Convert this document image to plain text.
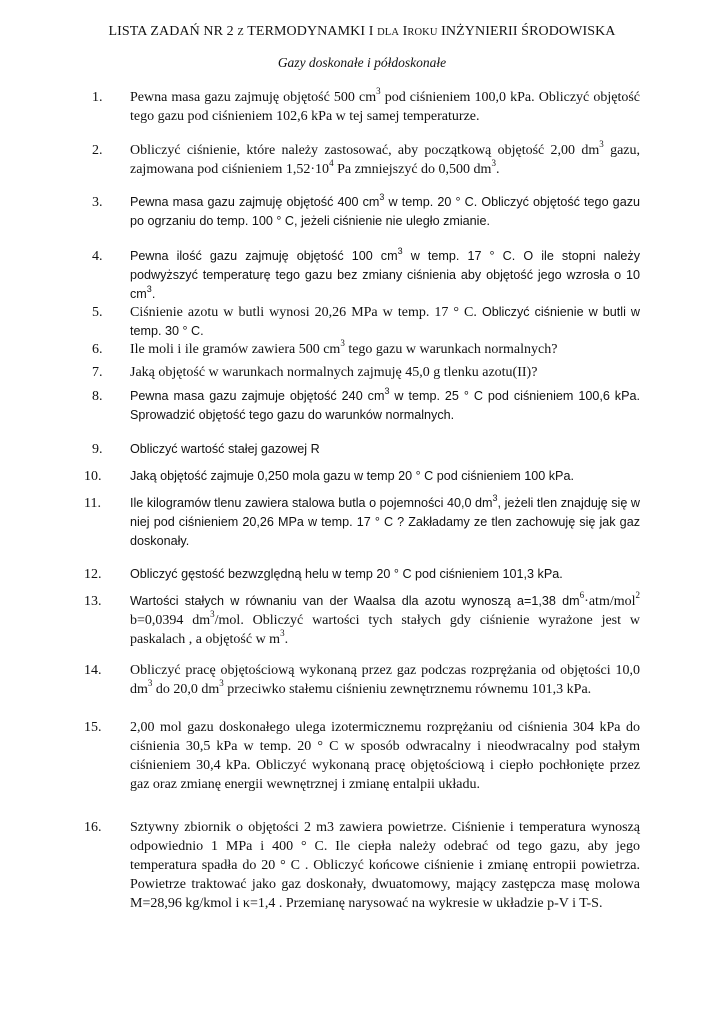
LISTA ZADAŃ NR 2 Z TERMODYNAMKI I DLA IROKU INŻYNIERII ŚRODOWISKA
Gazy doskonałe i półdoskonałe
1.	Pewna masa gazu zajmuję objętość 500 $cm^3$ pod ciśnieniem 100,0 kPa. Obliczyć objętość tego gazu pod ciśnieniem 102,6 kPa w tej samej temperaturze.
2.	Obliczyć ciśnienie, które należy zastosować, aby początkową objętość 2,00 $dm^3$ gazu, zajmowana pod ciśnieniem $1,52\cdot 10^4$ Pa zmniejszyć do 0,500 $dm^3$.
3.	Pewna masa gazu zajmuję objętość 400 $cm^3$ w temp. 20 ° C. Obliczyć objętość tego gazu po ogrzaniu do temp. 100 ° C, jeżeli ciśnienie nie uległo zmianie.
4.	Pewna ilość gazu zajmuję objętość 100 $cm^3$ w temp. 17 ° C. O ile stopni należy podwyższyć temperaturę tego gazu bez zmiany ciśnienia aby objętość jego wzrosła o 10 $cm^3$.
5.	Ciśnienie azotu w butli wynosi 20,26 MPa w temp. 17 ° C. Obliczyć ciśnienie w butli w temp. 30 ° C.
6.	Ile moli i ile gramów zawiera 500 $cm^3$ tego gazu w warunkach normalnych?
7.	Jaką objętość w warunkach normalnych zajmuję 45,0 g tlenku azotu(II)?
8.	Pewna masa gazu zajmuje objętość 240 $cm^3$ w temp. 25 ° C pod ciśnieniem 100,6 kPa. Sprowadzić objętość tego gazu do warunków normalnych.
9.	Obliczyć wartość stałej gazowej R
10.	Jaką objętość zajmuje 0,250 mola gazu w temp 20 ° C pod ciśnieniem 100 kPa.
11.	Ile kilogramów tlenu zawiera stalowa butla o pojemności 40,0 $dm^3$, jeżeli tlen znajduję się w niej pod ciśnieniem 20,26 MPa w temp. 17 ° C ? Zakładamy ze tlen zachowuję się jak gaz doskonały.
12.	Obliczyć gęstość bezwzględną helu w temp 20 ° C pod ciśnieniem 101,3 kPa.
13.	Wartości stałych w równaniu van der Waalsa dla azotu wynoszą a=1,38 $dm^6\cdot atm/mol^2$ b=0,0394 $dm^3$/mol. Obliczyć wartości tych stałych gdy ciśnienie wyrażone jest w paskalach , a objętość w $m^3$.
14.	Obliczyć pracę objętościową wykonaną przez gaz podczas rozprężania od objętości 10,0 $dm^3$ do 20,0 $dm^3$ przeciwko stałemu ciśnieniu zewnętrznemu równemu 101,3 kPa.
15.	2,00 mol gazu doskonałego ulega izotermicznemu rozprężaniu od ciśnienia 304 kPa do ciśnienia 30,5 kPa w temp. 20 ° C w sposób odwracalny i nieodwracalny pod stałym ciśnieniem 30,4 kPa. Obliczyć wykonaną pracę objętościową i ciepło pochłonięte przez gaz oraz zmianę energii wewnętrznej i zmianę entalpii układu.
16.	Sztywny zbiornik o objętości 2 m3 zawiera powietrze. Ciśnienie i temperatura wynoszą odpowiednio 1 MPa i 400 ° C. Ile ciepła należy odebrać od tego gazu, aby jego temperatura spadła do 20 ° C . Obliczyć końcowe ciśnienie i zmianę entropii powietrza. Powietrze traktować jako gaz doskonały, dwuatomowy, mający zastępcza masę molowa M=28,96 kg/kmol i κ=1,4 . Przemianę narysować na wykresie w układzie p-V i T-S.
